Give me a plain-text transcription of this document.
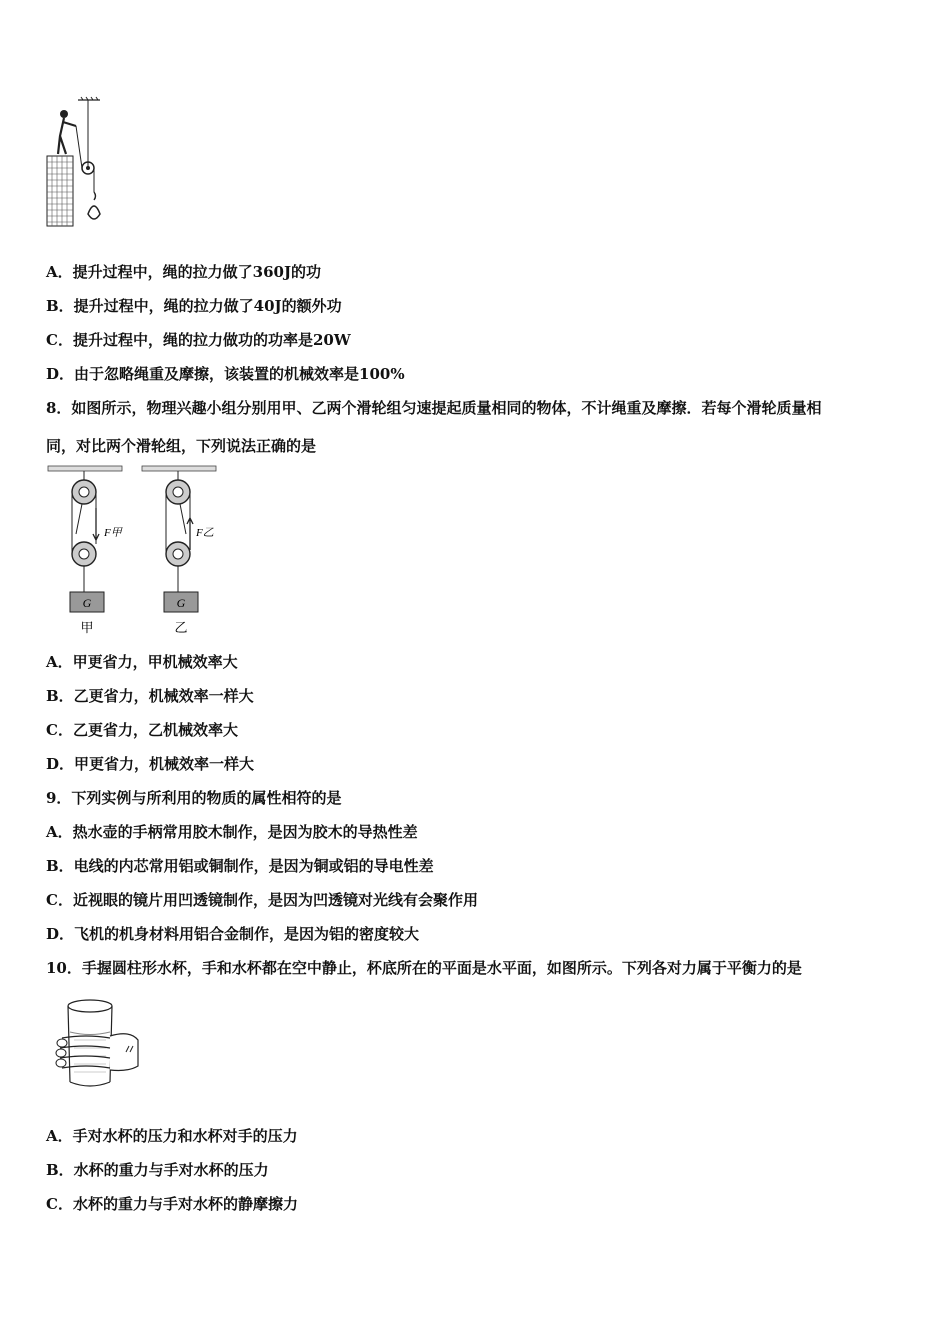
A．提升过程中，绳的拉力做了360J的功
B．提升过程中，绳的拉力做了40J的额外功
C．提升过程中，绳的拉力做功的功率是20W
D．由于忽略绳重及摩擦，该装置的机械效率是100%
8．如图所示，物理兴趣小组分别用甲、乙两个滑轮组匀速提起质量相同的物体，不计绳重及摩擦．若每个滑轮质量相
同，对比两个滑轮组，下列说法正确的是
F甲
G
甲
F乙
G
乙
A．甲更省力，甲机械效率大
B．乙更省力，机械效率一样大
C．乙更省力，乙机械效率大
D．甲更省力，机械效率一样大
9．下列实例与所利用的物质的属性相符的是
A．热水壶的手柄常用胶木制作，是因为胶木的导热性差
B．电线的内芯常用铝或铜制作，是因为铜或铝的导电性差
C．近视眼的镜片用凹透镜制作，是因为凹透镜对光线有会聚作用
D．飞机的机身材料用铝合金制作，是因为铝的密度较大
10．手握圆柱形水杯，手和水杯都在空中静止，杯底所在的平面是水平面，如图所示。下列各对力属于平衡力的是
A．手对水杯的压力和水杯对手的压力
B．水杯的重力与手对水杯的压力
C．水杯的重力与手对水杯的静摩擦力
